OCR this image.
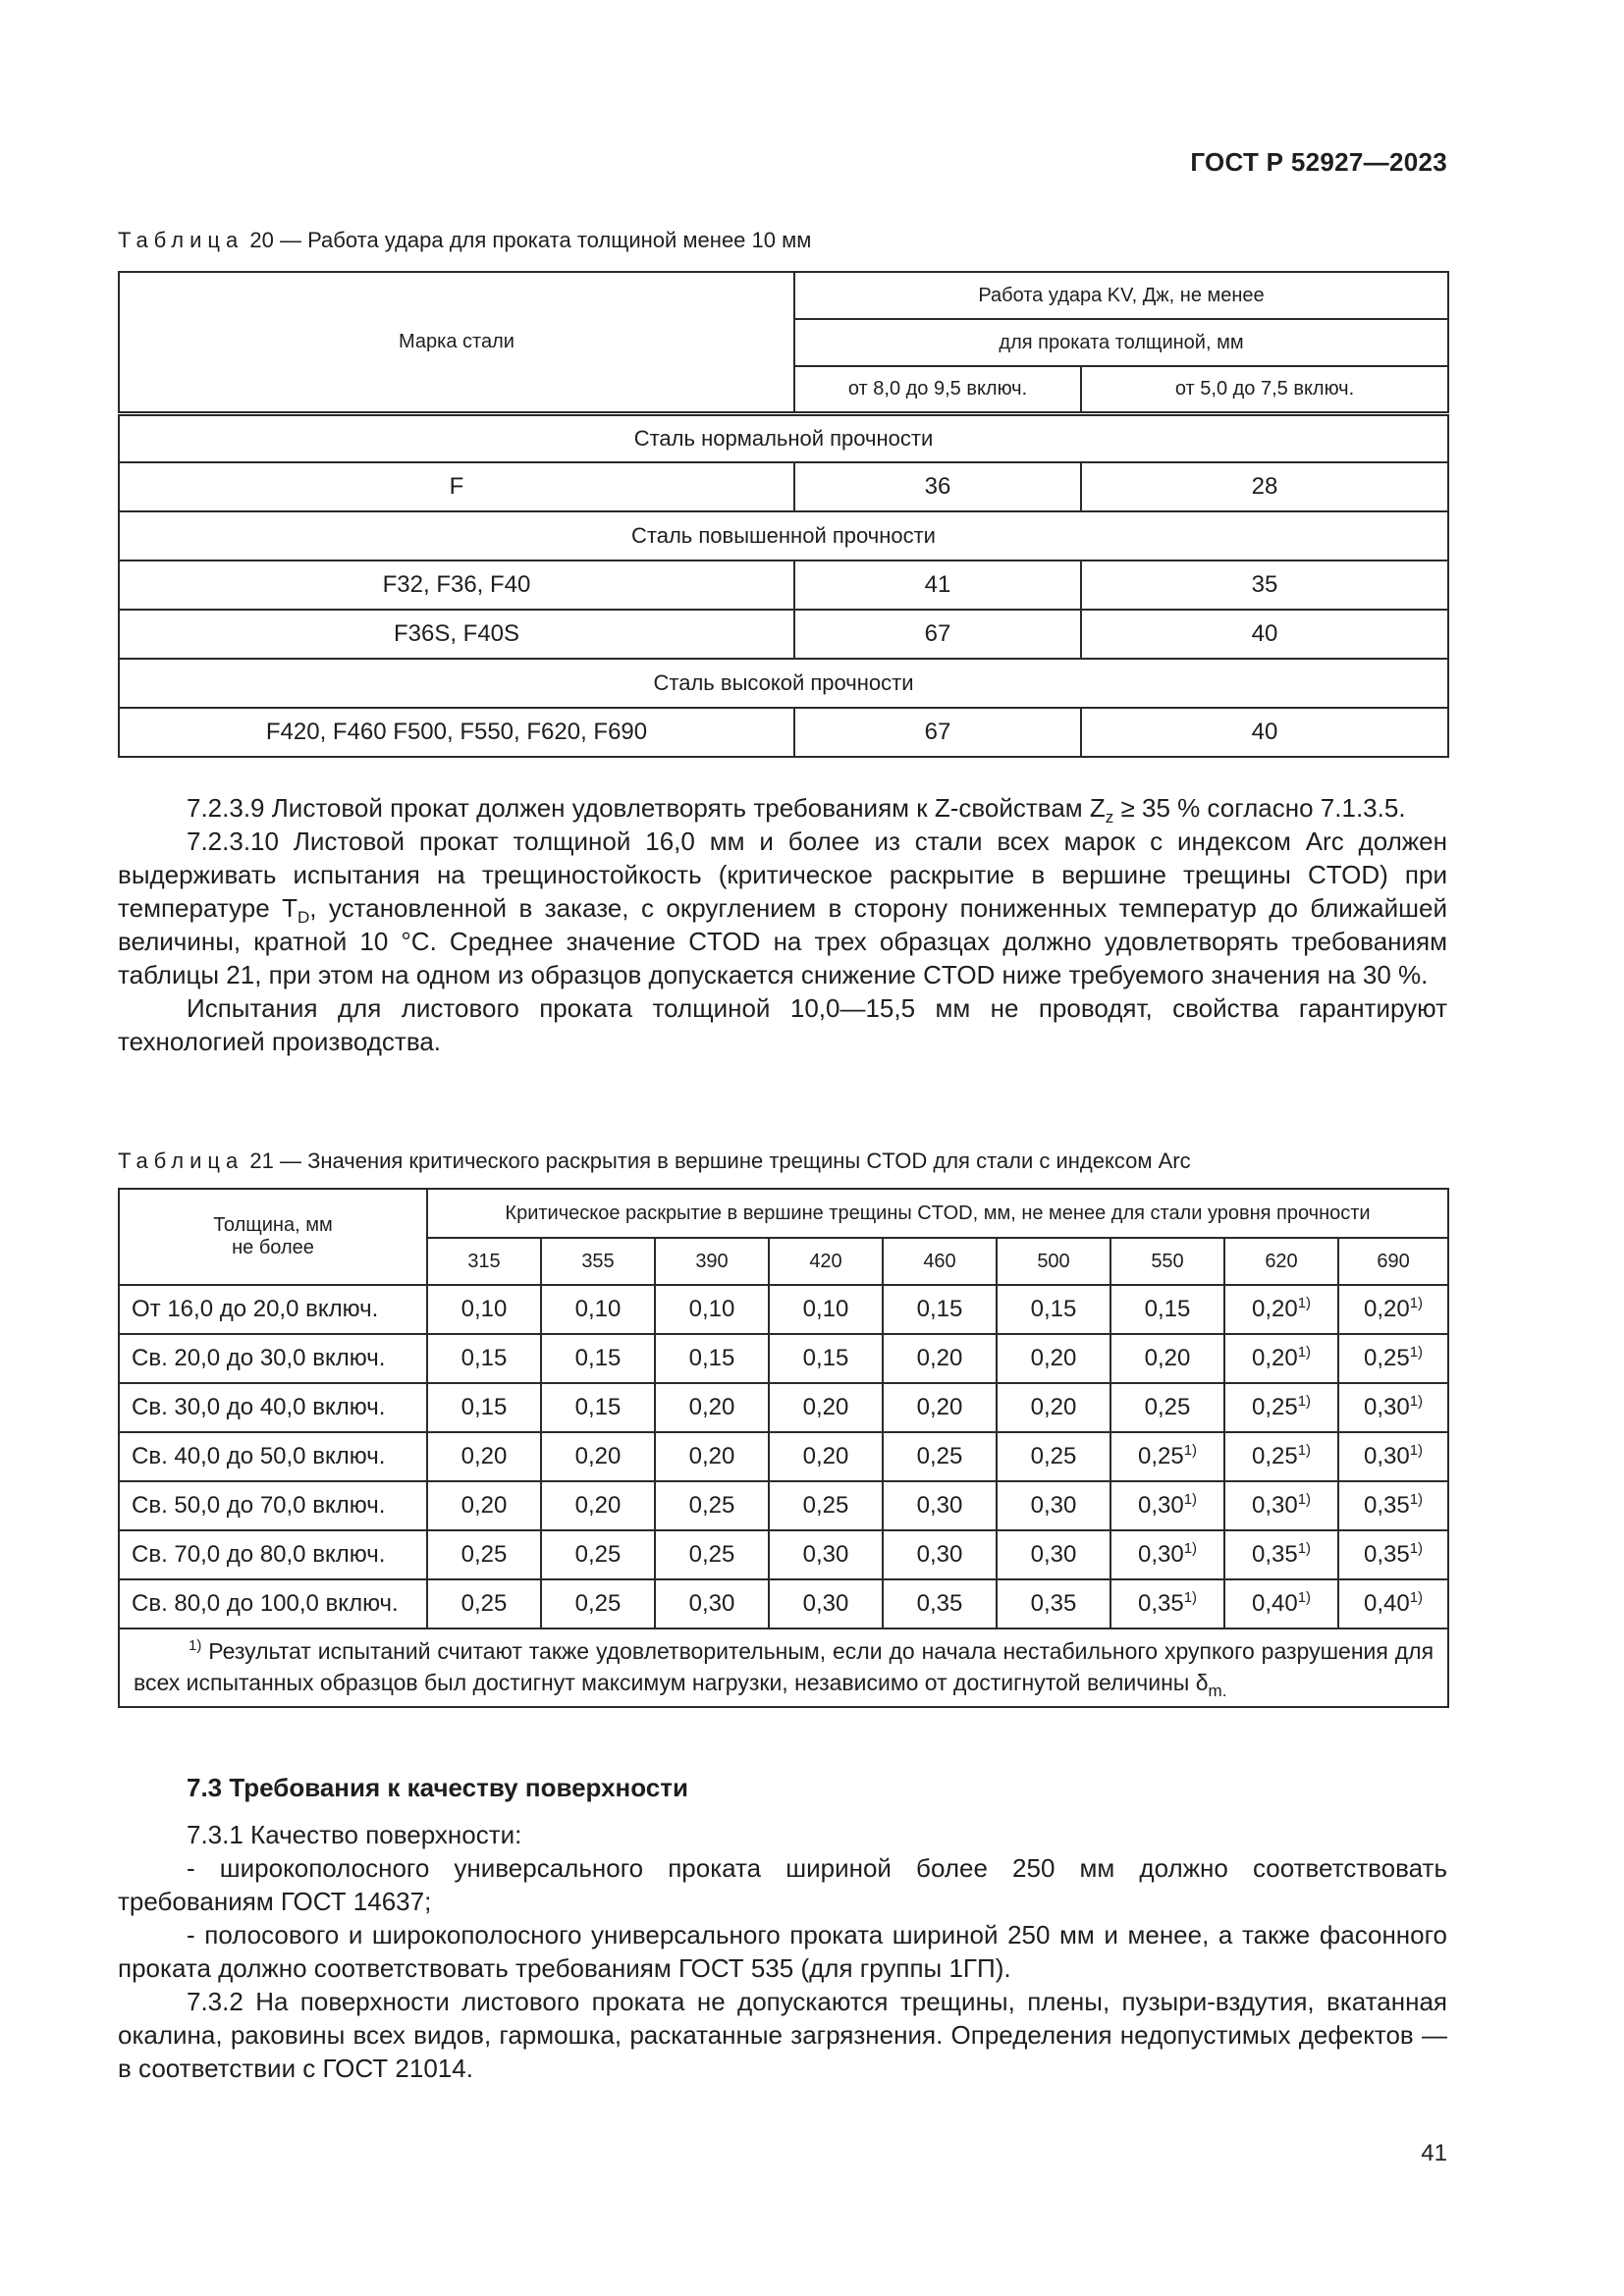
ГОСТ Р 52927—2023
Таблица 20 — Работа удара для проката толщиной менее 10 мм
Марка стали	Работа удара KV, Дж, не менее	
	для проката толщиной, мм	
	от 8,0 до 9,5 включ.	от 5,0 до 7,5 включ.
Сталь нормальной прочности		
F	36	28
Сталь повышенной прочности		
F32, F36, F40	41	35
F36S, F40S	67	40
Сталь высокой прочности		
F420, F460 F500, F550, F620, F690	67	40

7.2.3.9 Листовой прокат должен удовлетворять требованиям к Z-свойствам $Z_z \ge 35$ % согласно 7.1.3.5.

7.2.3.10 Листовой прокат толщиной 16,0 мм и более из стали всех марок с индексом Arc должен выдерживать испытания на трещиностойкость (критическое раскрытие в вершине трещины CTOD) при температуре $T_D$, установленной в заказе, с округлением в сторону пониженных температур до ближайшей величины, кратной 10 °С. Среднее значение CTOD на трех образцах должно удовлетворять требованиям таблицы 21, при этом на одном из образцов допускается снижение CTOD ниже требуемого значения на 30 %.

Испытания для листового проката толщиной 10,0—15,5 мм не проводят, свойства гарантируют технологией производства.

Таблица 21 — Значения критического раскрытия в вершине трещины CTOD для стали с индексом Arc
Толщина, мм
не более	Критическое раскрытие в вершине трещины CTOD, мм, не менее для стали уровня прочности								
	315	355	390	420	460	500	550	620	690
От 16,0 до 20,0 включ.	0,10	0,10	0,10	0,10	0,15	0,15	0,15	0,20$^{1)}$	0,20$^{1)}$
Св. 20,0 до 30,0 включ.	0,15	0,15	0,15	0,15	0,20	0,20	0,20	0,20$^{1)}$	0,25$^{1)}$
Св. 30,0 до 40,0 включ.	0,15	0,15	0,20	0,20	0,20	0,20	0,25	0,25$^{1)}$	0,30$^{1)}$
Св. 40,0 до 50,0 включ.	0,20	0,20	0,20	0,20	0,25	0,25	0,25$^{1)}$	0,25$^{1)}$	0,30$^{1)}$
Св. 50,0 до 70,0 включ.	0,20	0,20	0,25	0,25	0,30	0,30	0,30$^{1)}$	0,30$^{1)}$	0,35$^{1)}$
Св. 70,0 до 80,0 включ.	0,25	0,25	0,25	0,30	0,30	0,30	0,30$^{1)}$	0,35$^{1)}$	0,35$^{1)}$
Св. 80,0 до 100,0 включ.	0,25	0,25	0,30	0,30	0,35	0,35	0,35$^{1)}$	0,40$^{1)}$	0,40$^{1)}$
$^{1)}$ Результат испытаний считают также удовлетворительным, если до начала нестабильного хрупкого разрушения для всех испытанных образцов был достигнут максимум нагрузки, независимо от достигнутой величины $\delta_{m.}$
7.3 Требования к качеству поверхности

7.3.1 Качество поверхности:

- широкополосного универсального проката шириной более 250 мм должно соответствовать требованиям ГОСТ 14637;

- полосового и широкополосного универсального проката шириной 250 мм и менее, а также фасонного проката должно соответствовать требованиям ГОСТ 535 (для группы 1ГП).

7.3.2 На поверхности листового проката не допускаются трещины, плены, пузыри-вздутия, вкатанная окалина, раковины всех видов, гармошка, раскатанные загрязнения. Определения недопустимых дефектов — в соответствии с ГОСТ 21014.

41
